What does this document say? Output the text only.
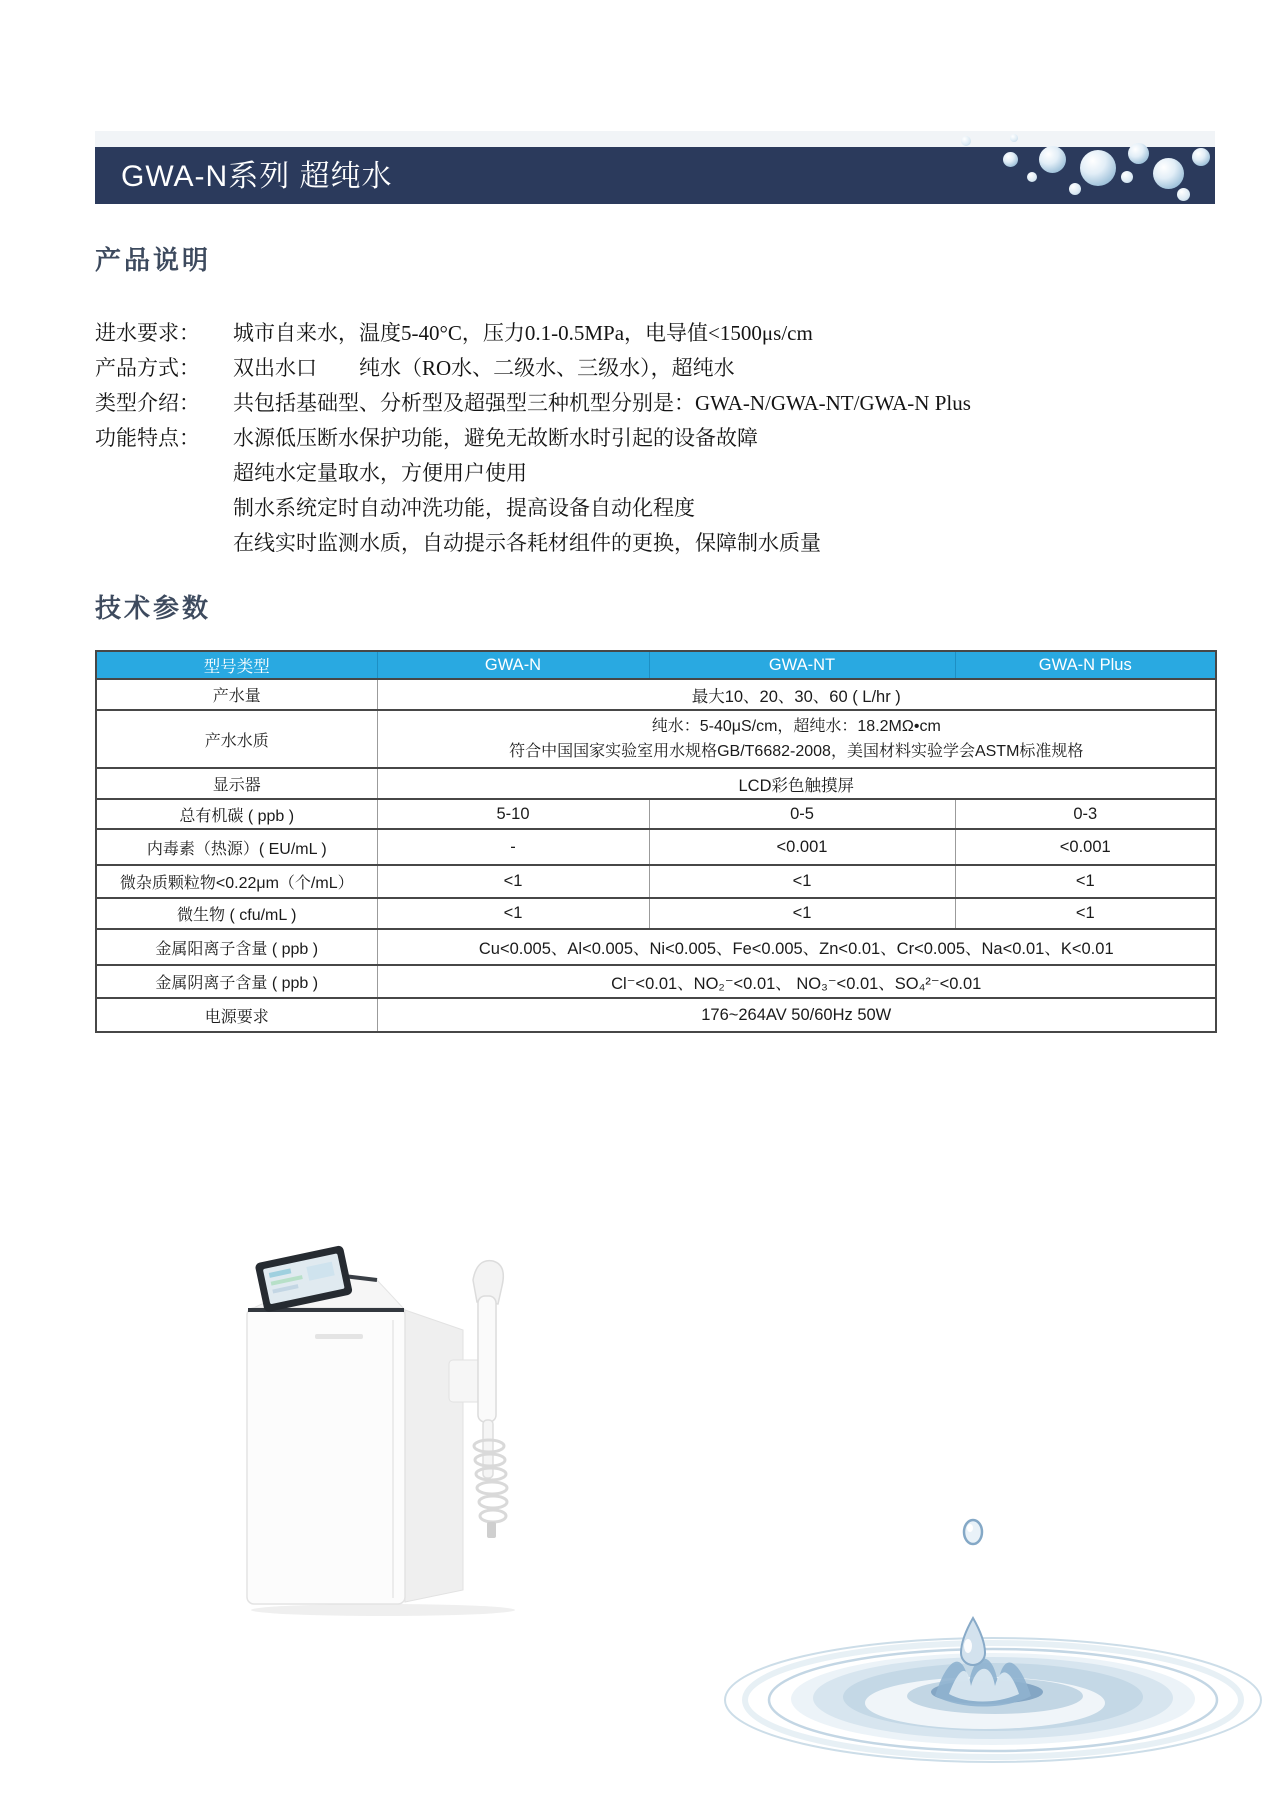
GWA-N系列 超纯水
产品说明
进水要求： 城市自来水，温度5-40°C，压力0.1-0.5MPa，电导值<1500μs/cm
产品方式： 双出水口　　纯水（RO水、二级水、三级水），超纯水
类型介绍： 共包括基础型、分析型及超强型三种机型分别是：GWA-N/GWA-NT/GWA-N Plus
功能特点： 水源低压断水保护功能，避免无故断水时引起的设备故障
超纯水定量取水，方便用户使用
制水系统定时自动冲洗功能，提高设备自动化程度
在线实时监测水质，自动提示各耗材组件的更换，保障制水质量
技术参数
型号类型	GWA-N	GWA-NT	GWA-N Plus
产水量	最大10、20、30、60 ( L/hr )		
产水水质	纯水：5-40μS/cm，超纯水：18.2MΩ•cm
符合中国国家实验室用水规格GB/T6682-2008，美国材料实验学会ASTM标准规格		

显示器	LCD彩色触摸屏		
总有机碳 ( ppb )	5-10	0-5	0-3
内毒素（热源）( EU/mL )	-	<0.001	<0.001
微杂质颗粒物<0.22μm（个/mL）	<1	<1	<1
微生物 ( cfu/mL )	<1	<1	<1
金属阳离子含量 ( ppb )	Cu<0.005、Al<0.005、Ni<0.005、Fe<0.005、Zn<0.01、Cr<0.005、Na<0.01、K<0.01		
金属阴离子含量 ( ppb )	Cl⁻<0.01、NO₂⁻<0.01、 NO₃⁻<0.01、SO₄²⁻<0.01		
电源要求	176~264AV 50/60Hz 50W		
